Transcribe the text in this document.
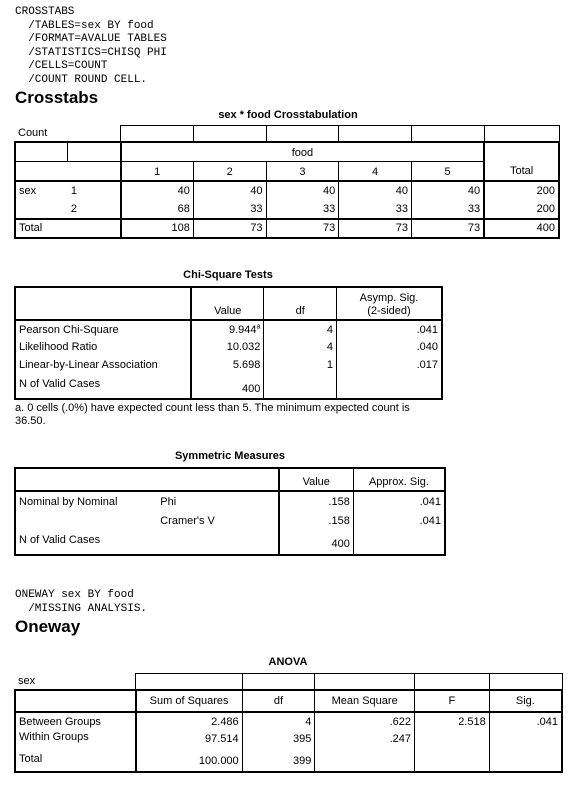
CROSSTABS
/TABLES=sex BY food
/FORMAT=AVALUE TABLES
/STATISTICS=CHISQ PHI
/CELLS=COUNT
/COUNT ROUND CELL.
Crosstabs
sex * food Crosstabulation
Count

		food					
		1	2	3	4	5	Total
sex	1	40	40	40	40	40	200
	2	68	33	33	33	33	200
Total		108	73	73	73	73	400
Chi-Square Tests
	Value	df	Asymp. Sig.
(2-sided)
Pearson Chi-Square	9.944$^a$	4	.041
Likelihood Ratio	10.032	4	.040
Linear-by-Linear Association	5.698	1	.017
N of Valid Cases	400		
a. 0 cells (.0%) have expected count less than 5. The minimum expected count is 36.50.
Symmetric Measures
		Value	Approx. Sig.
Nominal by Nominal	Phi	.158	.041
	Cramer's V	.158	.041
N of Valid Cases		400	
ONEWAY sex BY food
/MISSING ANALYSIS.
Oneway
ANOVA
sex

	Sum of Squares	df	Mean Square	F	Sig.
Between Groups	2.486	4	.622	2.518	.041
Within Groups	97.514	395	.247		
Total	100.000	399			
